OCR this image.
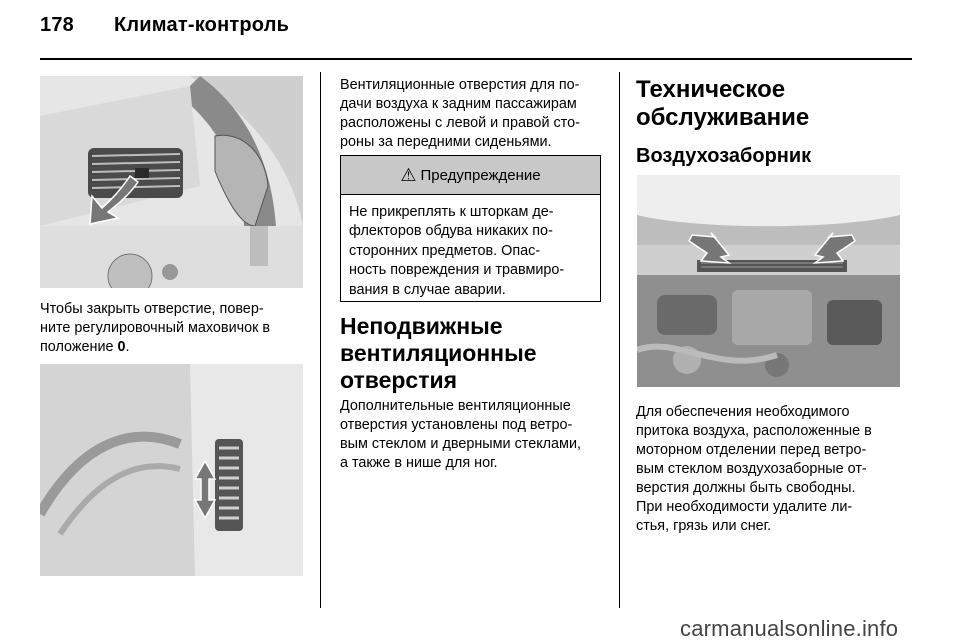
178 Климат-контроль

Чтобы закрыть отверстие, повер-
ните регулировочный маховичок в
положение 0.

Вентиляционные отверстия для по-
дачи воздуха к задним пассажирам
расположены с левой и правой сто-
роны за передними сиденьями.

⚠ Предупреждение
Не прикреплять к шторкам де-
флекторов обдува никаких по-
сторонних предметов. Опас-
ность повреждения и травмиро-
вания в случае аварии.
Неподвижные
вентиляционные
отверстия

Дополнительные вентиляционные
отверстия установлены под ветро-
вым стеклом и дверными стеклами,
а также в нише для ног.

Техническое
обслуживание
Воздухозаборник

Для обеспечения необходимого
притока воздуха, расположенные в
моторном отделении перед ветро-
вым стеклом воздухозаборные от-
верстия должны быть свободны.
При необходимости удалите ли-
стья, грязь или снег.

carmanualsonline.info
